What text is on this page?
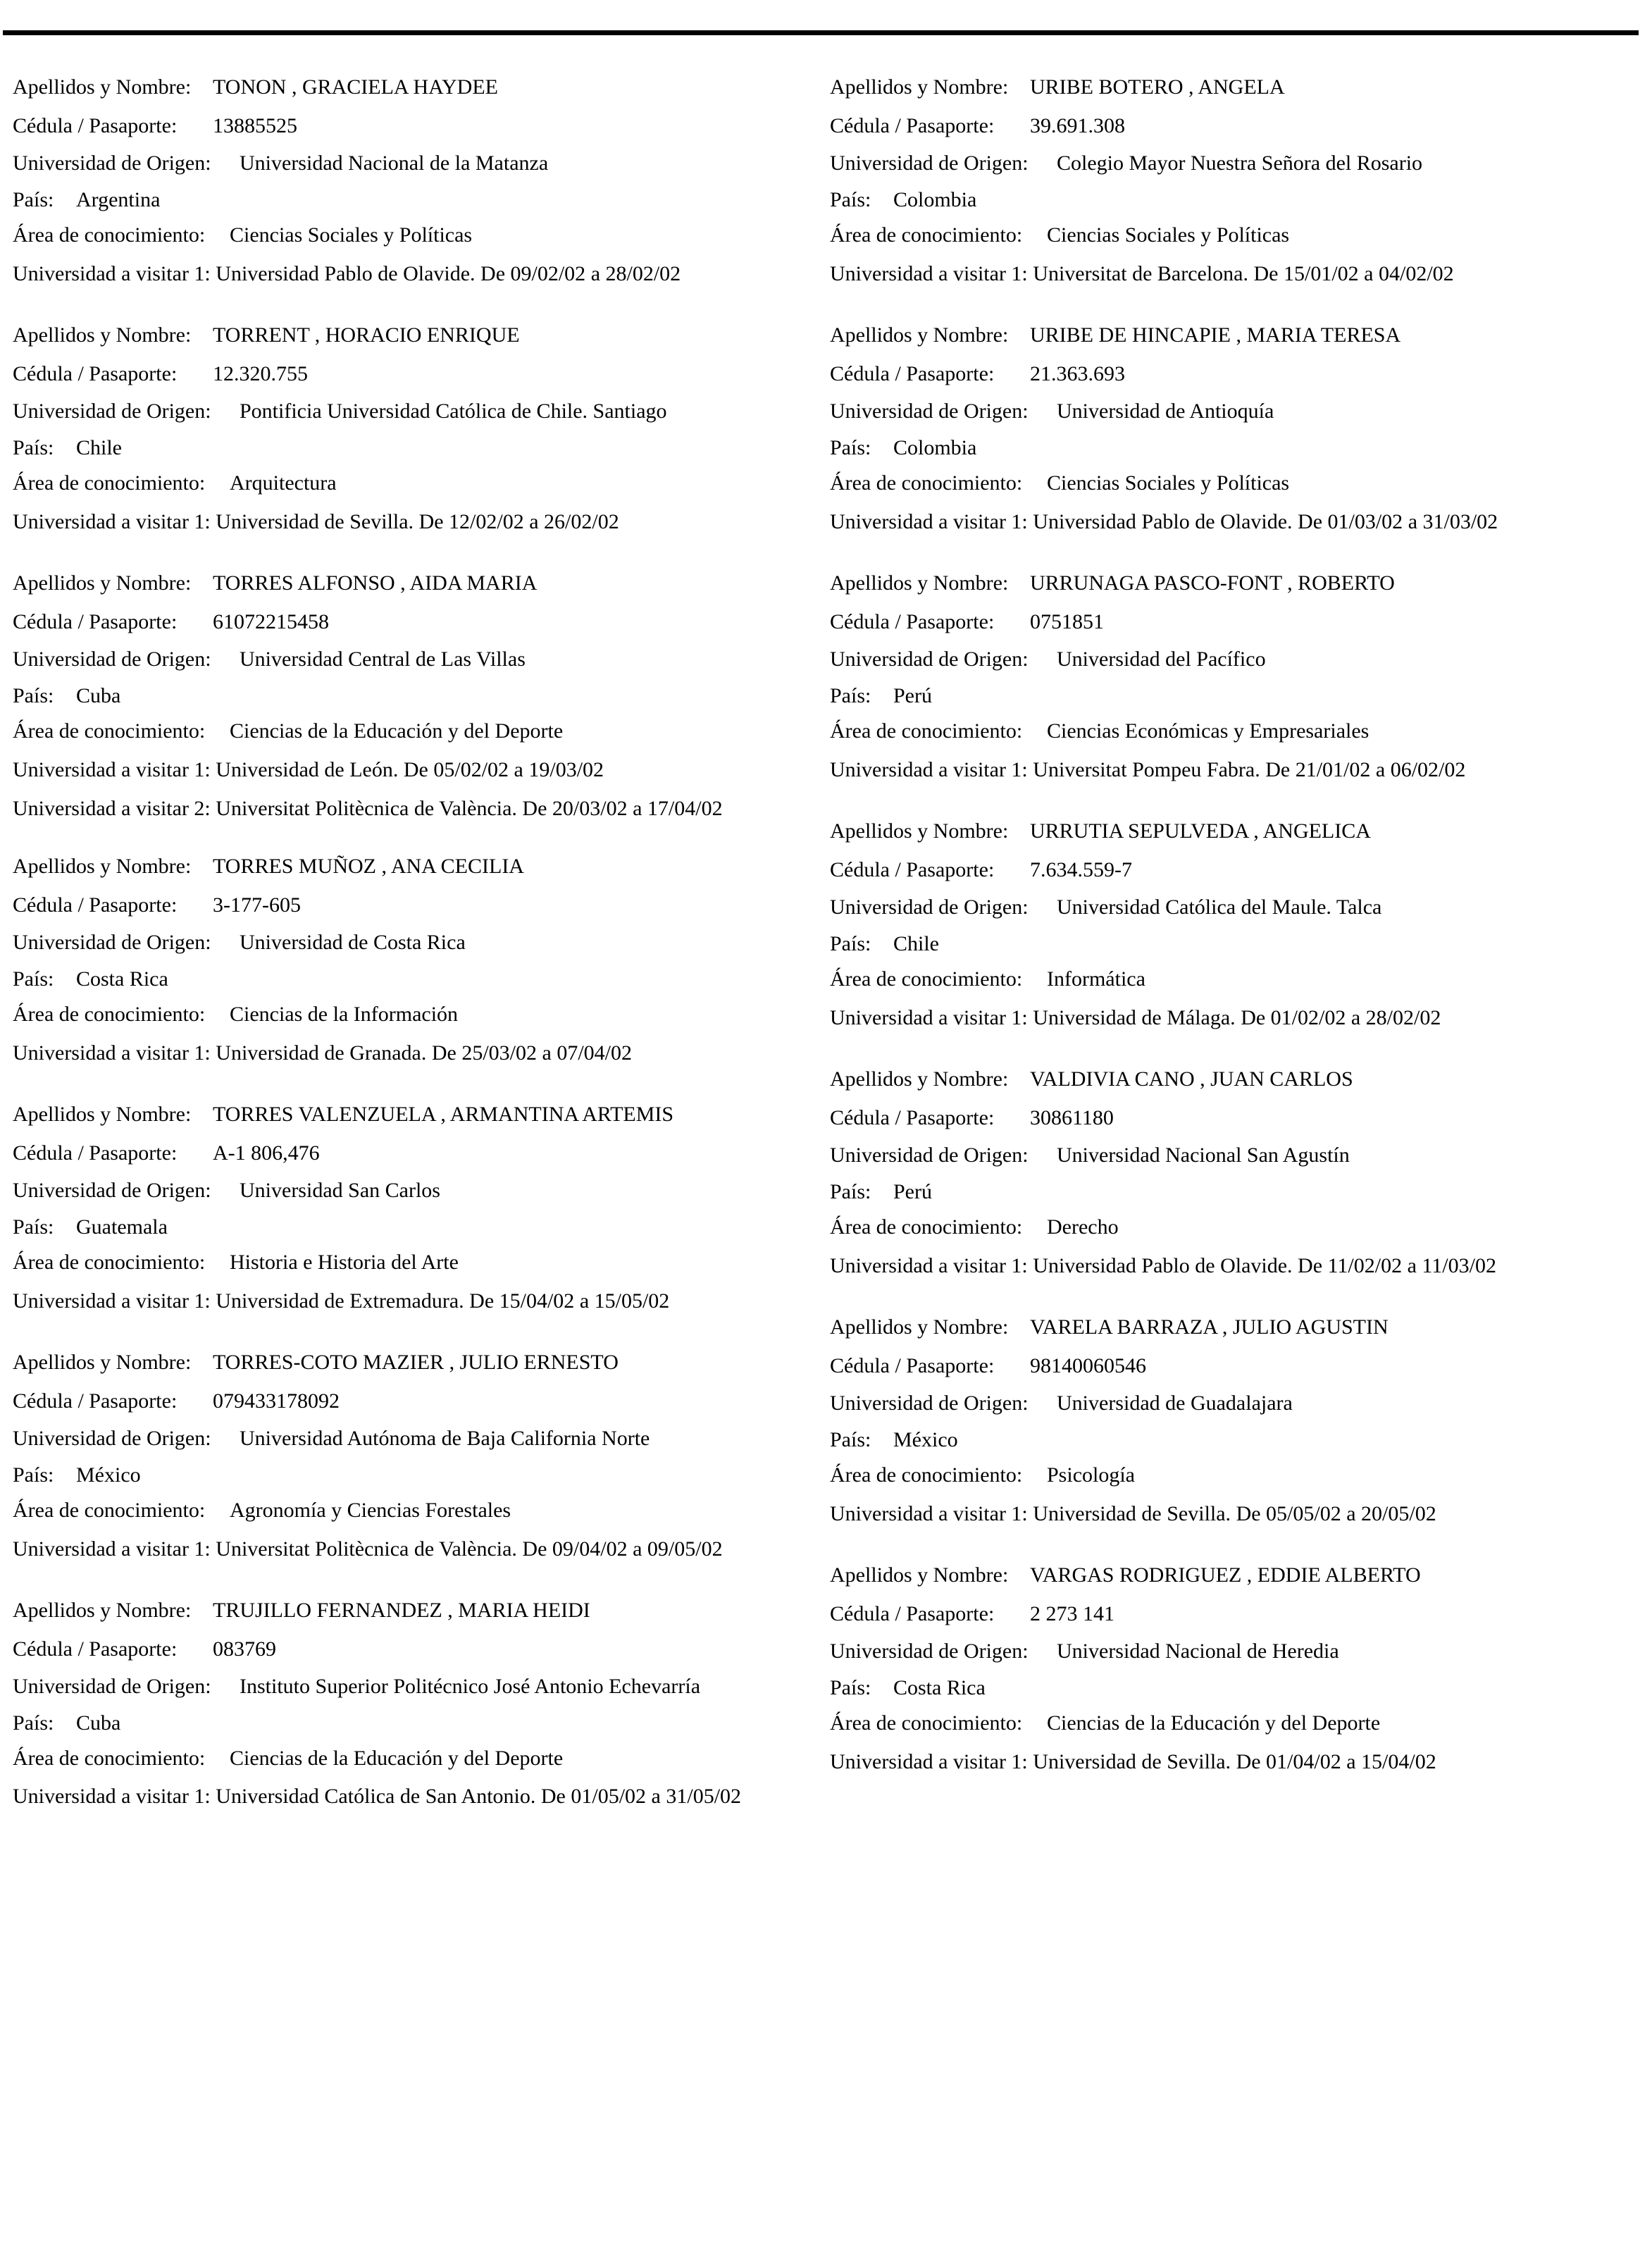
Apellidos y Nombre: TONON , GRACIELA HAYDEE
Cédula / Pasaporte: 13885525
Universidad de Origen: Universidad Nacional de la Matanza
País: Argentina
Área de conocimiento: Ciencias Sociales y Políticas
Universidad a visitar 1: Universidad Pablo de Olavide. De 09/02/02 a 28/02/02
Apellidos y Nombre: TORRENT , HORACIO ENRIQUE
Cédula / Pasaporte: 12.320.755
Universidad de Origen: Pontificia Universidad Católica de Chile. Santiago
País: Chile
Área de conocimiento: Arquitectura
Universidad a visitar 1: Universidad de Sevilla. De 12/02/02 a 26/02/02
Apellidos y Nombre: TORRES ALFONSO , AIDA MARIA
Cédula / Pasaporte: 61072215458
Universidad de Origen: Universidad Central de Las Villas
País: Cuba
Área de conocimiento: Ciencias de la Educación y del Deporte
Universidad a visitar 1: Universidad de León. De 05/02/02 a 19/03/02
Universidad a visitar 2: Universitat Politècnica de València. De 20/03/02 a 17/04/02
Apellidos y Nombre: TORRES MUÑOZ , ANA CECILIA
Cédula / Pasaporte: 3-177-605
Universidad de Origen: Universidad de Costa Rica
País: Costa Rica
Área de conocimiento: Ciencias de la Información
Universidad a visitar 1: Universidad de Granada. De 25/03/02 a 07/04/02
Apellidos y Nombre: TORRES VALENZUELA , ARMANTINA ARTEMIS
Cédula / Pasaporte: A-1 806,476
Universidad de Origen: Universidad San Carlos
País: Guatemala
Área de conocimiento: Historia e Historia del Arte
Universidad a visitar 1: Universidad de Extremadura. De 15/04/02 a 15/05/02
Apellidos y Nombre: TORRES-COTO MAZIER , JULIO ERNESTO
Cédula / Pasaporte: 079433178092
Universidad de Origen: Universidad Autónoma de Baja California Norte
País: México
Área de conocimiento: Agronomía y Ciencias Forestales
Universidad a visitar 1: Universitat Politècnica de València. De 09/04/02 a 09/05/02
Apellidos y Nombre: TRUJILLO FERNANDEZ , MARIA HEIDI
Cédula / Pasaporte: 083769
Universidad de Origen: Instituto Superior Politécnico José Antonio Echevarría
País: Cuba
Área de conocimiento: Ciencias de la Educación y del Deporte
Universidad a visitar 1: Universidad Católica de San Antonio. De 01/05/02 a 31/05/02
Apellidos y Nombre: URIBE BOTERO , ANGELA
Cédula / Pasaporte: 39.691.308
Universidad de Origen: Colegio Mayor Nuestra Señora del Rosario
País: Colombia
Área de conocimiento: Ciencias Sociales y Políticas
Universidad a visitar 1: Universitat de Barcelona. De 15/01/02 a 04/02/02
Apellidos y Nombre: URIBE DE HINCAPIE , MARIA TERESA
Cédula / Pasaporte: 21.363.693
Universidad de Origen: Universidad de Antioquía
País: Colombia
Área de conocimiento: Ciencias Sociales y Políticas
Universidad a visitar 1: Universidad Pablo de Olavide. De 01/03/02 a 31/03/02
Apellidos y Nombre: URRUNAGA PASCO-FONT , ROBERTO
Cédula / Pasaporte: 0751851
Universidad de Origen: Universidad del Pacífico
País: Perú
Área de conocimiento: Ciencias Económicas y Empresariales
Universidad a visitar 1: Universitat Pompeu Fabra. De 21/01/02 a 06/02/02
Apellidos y Nombre: URRUTIA SEPULVEDA , ANGELICA
Cédula / Pasaporte: 7.634.559-7
Universidad de Origen: Universidad Católica del Maule. Talca
País: Chile
Área de conocimiento: Informática
Universidad a visitar 1: Universidad de Málaga. De 01/02/02 a 28/02/02
Apellidos y Nombre: VALDIVIA CANO , JUAN CARLOS
Cédula / Pasaporte: 30861180
Universidad de Origen: Universidad Nacional San Agustín
País: Perú
Área de conocimiento: Derecho
Universidad a visitar 1: Universidad Pablo de Olavide. De 11/02/02 a 11/03/02
Apellidos y Nombre: VARELA BARRAZA , JULIO AGUSTIN
Cédula / Pasaporte: 98140060546
Universidad de Origen: Universidad de Guadalajara
País: México
Área de conocimiento: Psicología
Universidad a visitar 1: Universidad de Sevilla. De 05/05/02 a 20/05/02
Apellidos y Nombre: VARGAS RODRIGUEZ , EDDIE ALBERTO
Cédula / Pasaporte: 2 273 141
Universidad de Origen: Universidad Nacional de Heredia
País: Costa Rica
Área de conocimiento: Ciencias de la Educación y del Deporte
Universidad a visitar 1: Universidad de Sevilla. De 01/04/02 a 15/04/02
